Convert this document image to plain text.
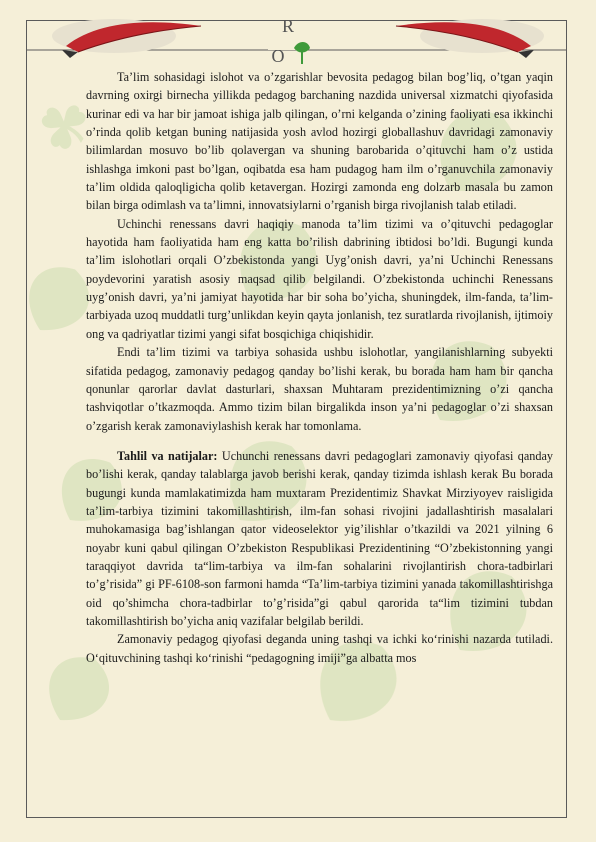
☘
R
O

Ta’lim sohasidagi islohot va o’zgarishlar bevosita pedagog bilan bog’liq, o’tgan yaqin davrning oxirgi birnecha yillikda pedagog barchaning nazdida universal xizmatchi qiyofasida kurinar edi va har bir jamoat ishiga jalb qilingan, o’rni kelganda o’zining faoliyati esa ikkinchi o’rinda qolib ketgan buning natijasida yosh avlod hozirgi globallashuv davridagi zamonaviy bilimlardan mosuvo bo’lib qolavergan va shuning barobarida o’qituvchi ham o’z ustida ishlashga imkoni past bo’lgan, oqibatda esa ham pudagog ham ilm o’rganuvchila zamonaviy ta’lim oldida qaloqligicha qolib ketavergan. Hozirgi zamonda eng dolzarb masala bu zamon bilan birga odimlash va ta’limni, innovatsiylarni o’rganish birga rivojlanish talab etiladi.

Uchinchi renessans davri haqiqiy manoda ta’lim tizimi va o’qituvchi pedagoglar hayotida ham faoliyatida ham eng katta bo’rilish dabrining ibtidosi bo’ldi. Bugungi kunda ta’lim islohotlari orqali O’zbekistonda yangi Uyg’onish davri, ya’ni Uchinchi Renessans poydevorini yaratish asosiy maqsad qilib belgilandi. O’zbekistonda uchinchi Renessans uyg’onish davri, ya’ni jamiyat hayotida har bir soha bo’yicha, shuningdek, ilm-fanda, ta’lim-tarbiyada uzoq muddatli turg’unlikdan keyin qayta jonlanish, tez suratlarda rivojlanish, ijtimoiy ong va qadriyatlar tizimi yangi sifat bosqichiga chiqishidir.

Endi ta’lim tizimi va tarbiya sohasida ushbu islohotlar, yangilanishlarning subyekti sifatida pedagog, zamonaviy pedagog qanday bo’lishi kerak, bu borada ham ham bir qancha qonunlar qarorlar davlat dasturlari, shaxsan Muhtaram prezidentimizning o’zi qancha tashviqotlar o’tkazmoqda. Ammo tizim bilan birgalikda inson ya’ni pedagoglar o’zi shaxsan o’zgarish kerak zamonaviylashish kerak har tomonlama.

Tahlil va natijalar: Uchunchi renessans davri pedagoglari zamonaviy qiyofasi qanday bo’lishi kerak, qanday talablarga javob berishi kerak, qanday tizimda ishlash kerak Bu borada bugungi kunda mamlakatimizda ham muxtaram Prezidentimiz Shavkat Mirziyoyev raisligida ta’lim-tarbiya tizimini takomillashtirish, ilm-fan sohasi rivojini jadallashtirish masalalari muhokamasiga bag’ishlangan qator videoselektor yig’ilishlar o’tkazildi va 2021 yilning 6 noyabr kuni qabul qilingan O’zbekiston Respublikasi Prezidentining “O’zbekistonning yangi taraqqiyot davrida ta“lim-tarbiya va ilm-fan sohalarini rivojlantirish chora-tadbirlari to’g’risida” gi PF-6108-son farmoni hamda “Ta’lim-tarbiya tizimini yanada takomillashtirishga oid qo’shimcha chora-tadbirlar to’g’risida”gi qabul qarorida ta“lim tizimini tubdan takomillashtirish bo’yicha aniq vazifalar belgilab berildi.

Zamonaviy pedagog qiyofasi deganda uning tashqi va ichki ko‘rinishi nazarda tutiladi. O‘qituvchining tashqi ko‘rinishi “pedagogning imiji”ga albatta mos
